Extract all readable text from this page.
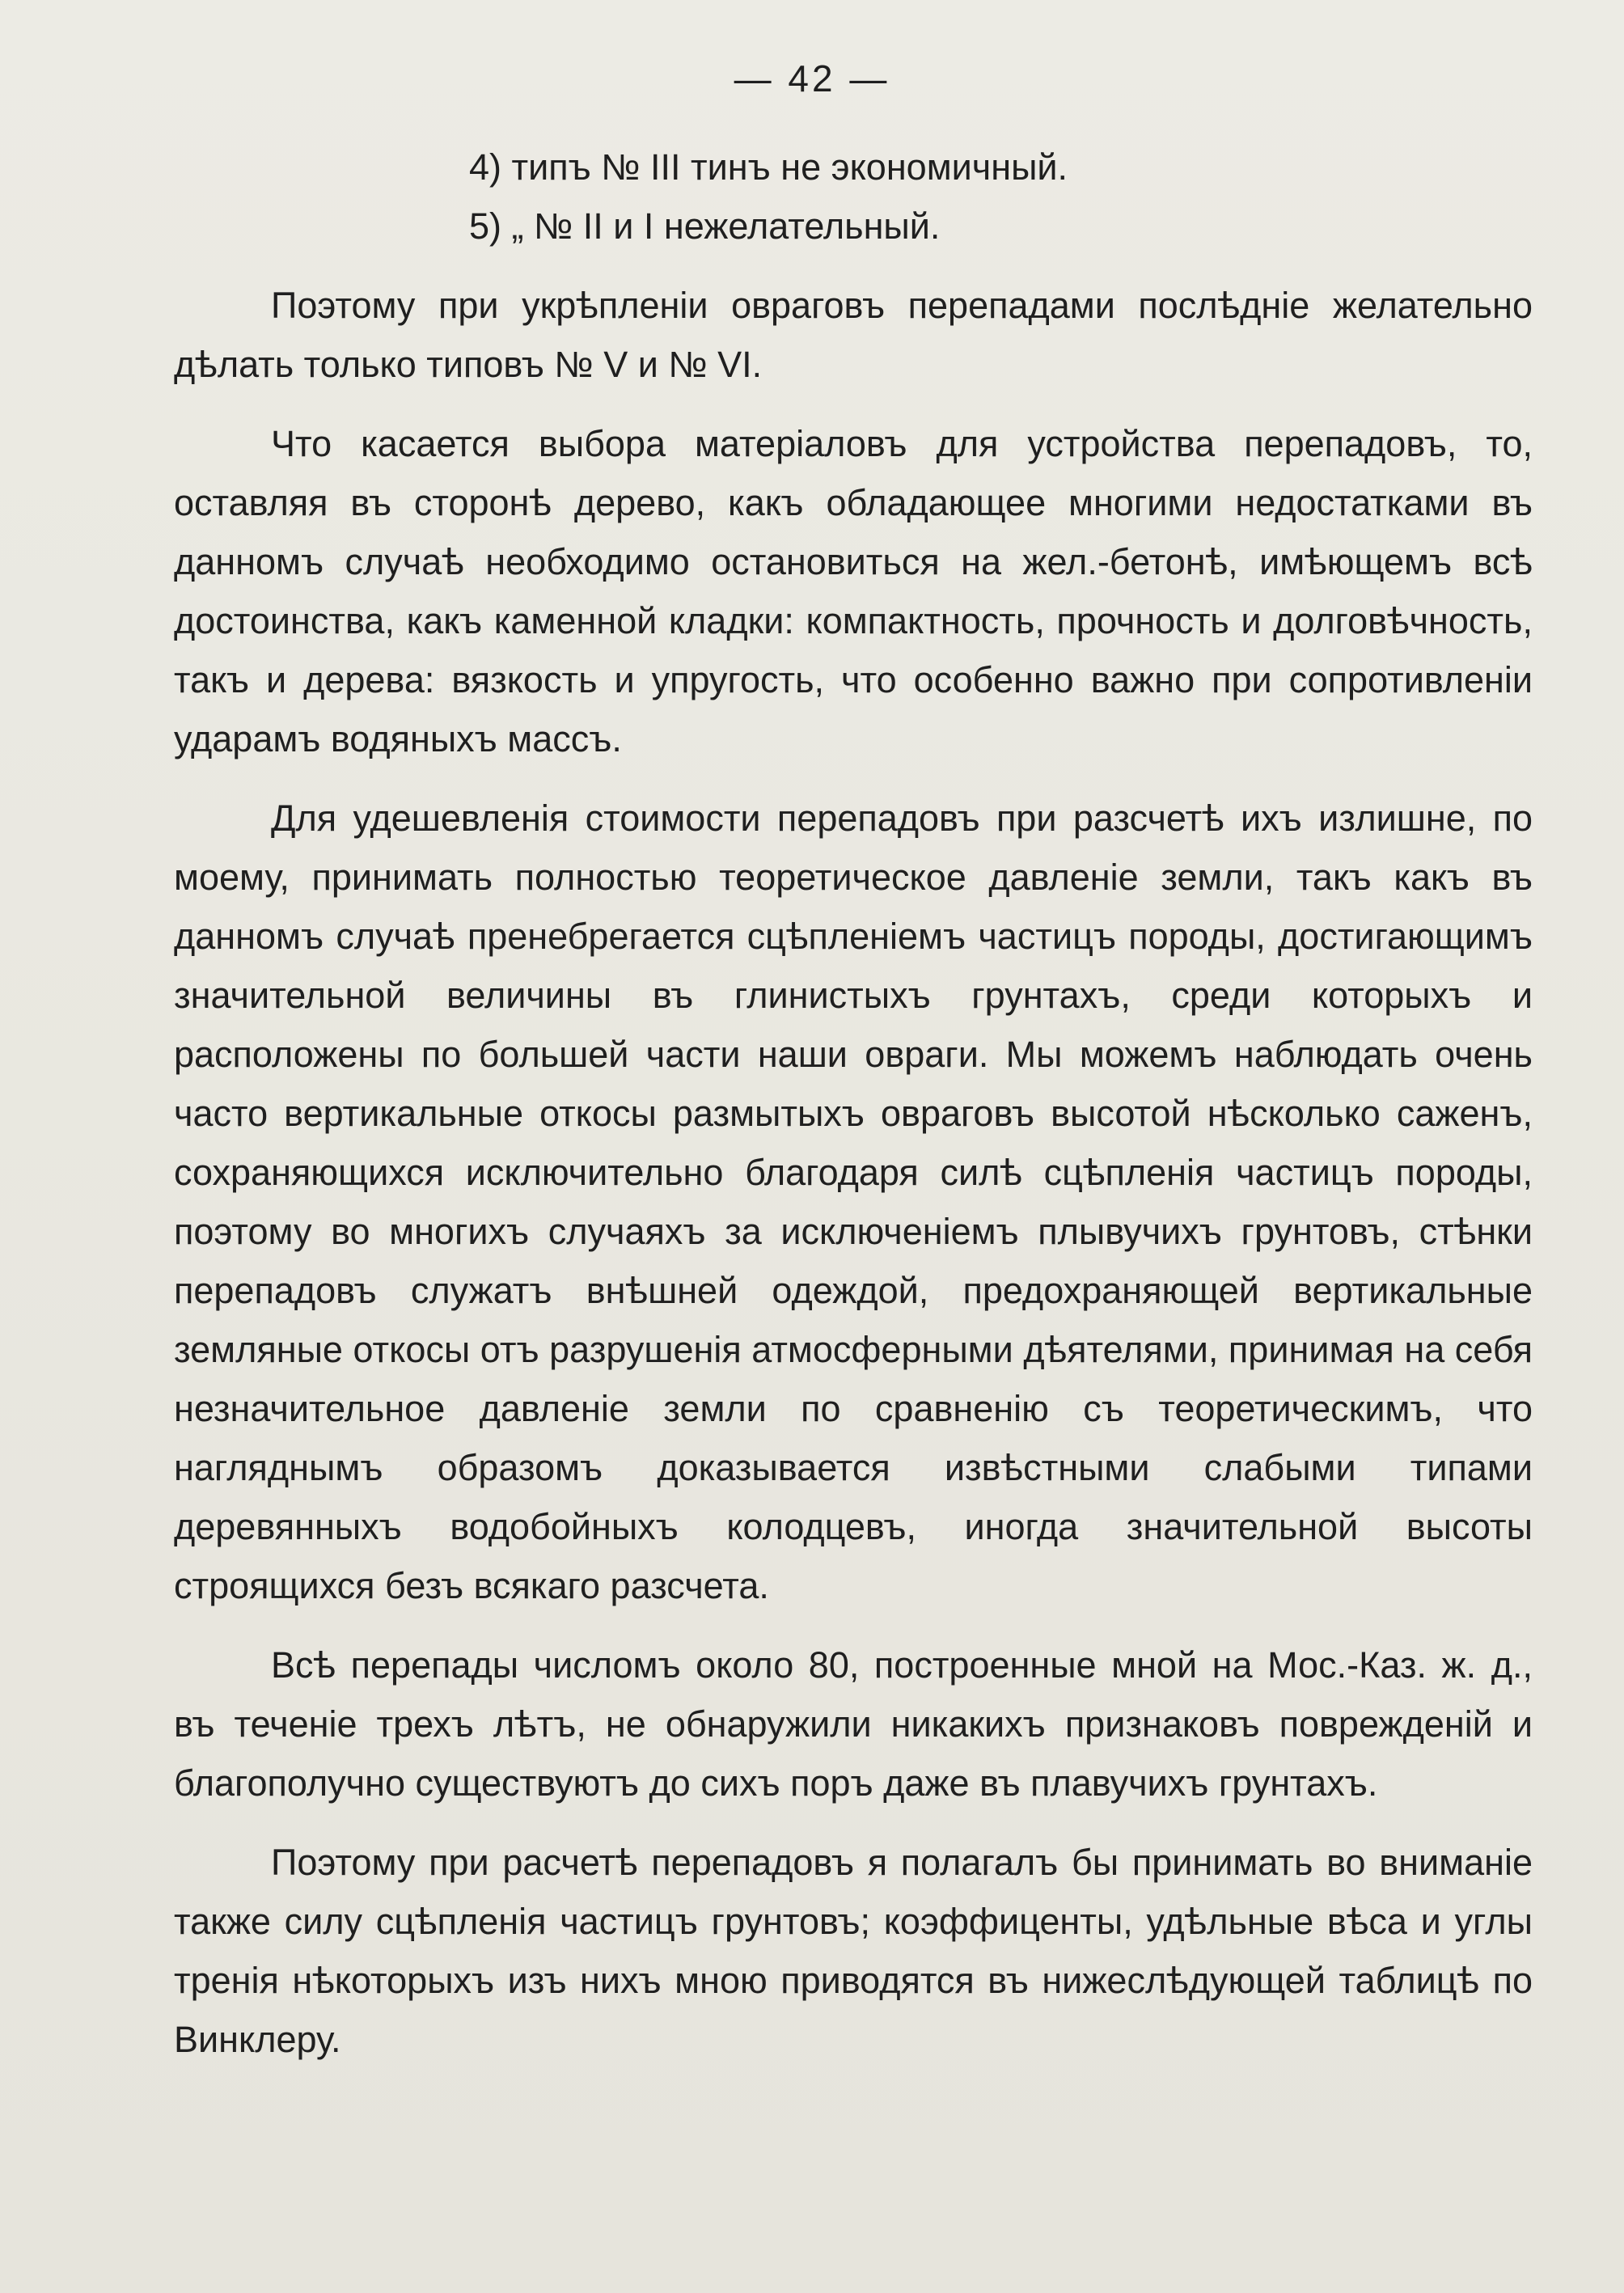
— 42 —
4) типъ № III тинъ не экономичный.
5) „ № II и I нежелательный.

Поэтому при укрѣпленіи овраговъ перепадами послѣдніе желательно дѣлать только типовъ № V и № VI.

Что касается выбора матеріаловъ для устройства перепадовъ, то, оставляя въ сторонѣ дерево, какъ обладающее многими недостатками въ данномъ случаѣ необходимо остановиться на жел.-бетонѣ, имѣющемъ всѣ достоинства, какъ каменной кладки: компактность, прочность и долговѣчность, такъ и дерева: вязкость и упругость, что особенно важно при сопротивленіи ударамъ водяныхъ массъ.

Для удешевленія стоимости перепадовъ при разсчетѣ ихъ излишне, по моему, принимать полностью теоретическое давленіе земли, такъ какъ въ данномъ случаѣ пренебрегается сцѣпленіемъ частицъ породы, достигающимъ значительной величины въ глинистыхъ грунтахъ, среди которыхъ и расположены по большей части наши овраги. Мы можемъ наблюдать очень часто вертикальные откосы размытыхъ овраговъ высотой нѣсколько саженъ, сохраняющихся исключительно благодаря силѣ сцѣпленія частицъ породы, поэтому во многихъ случаяхъ за исключеніемъ плывучихъ грунтовъ, стѣнки перепадовъ служатъ внѣшней одеждой, предохраняющей вертикальные земляные откосы отъ разрушенія атмосферными дѣятелями, принимая на себя незначительное давленіе земли по сравненію съ теоретическимъ, что нагляднымъ образомъ доказывается извѣстными слабыми типами деревянныхъ водобойныхъ колодцевъ, иногда значительной высоты строящихся безъ всякаго разсчета.

Всѣ перепады числомъ около 80, построенные мной на Мос.-Каз. ж. д., въ теченіе трехъ лѣтъ, не обнаружили никакихъ признаковъ поврежденій и благополучно существуютъ до сихъ поръ даже въ плавучихъ грунтахъ.

Поэтому при расчетѣ перепадовъ я полагалъ бы принимать во вниманіе также силу сцѣпленія частицъ грунтовъ; коэффиценты, удѣльные вѣса и углы тренія нѣкоторыхъ изъ нихъ мною приводятся въ нижеслѣдующей таблицѣ по Винклеру.
